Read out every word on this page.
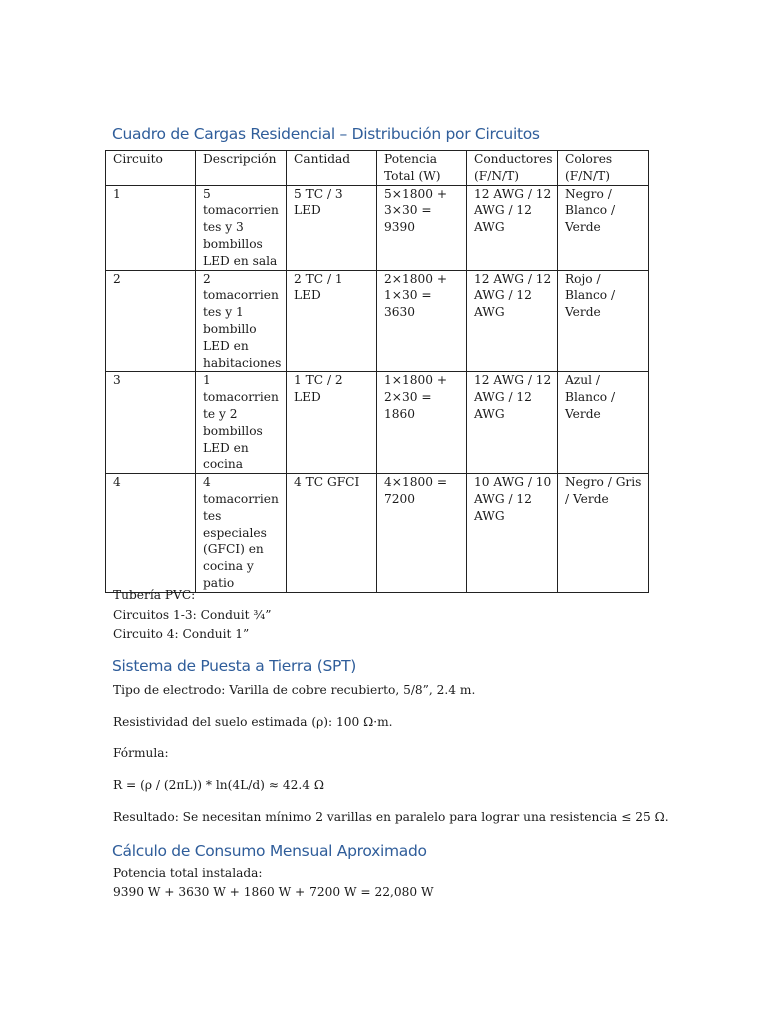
Cuadro de Cargas Residencial – Distribución por Circuitos
Circuito	Descripción	Cantidad	Potencia Total (W)	Conductores (F/N/T)	Colores (F/N/T)
1	5 tomacorrientes y 3 bombillos LED en sala	5 TC / 3 LED	5×1800 + 3×30 = 9390	12 AWG / 12 AWG / 12 AWG	Negro / Blanco / Verde
2	2 tomacorrientes y 1 bombillo LED en habitaciones	2 TC / 1 LED	2×1800 + 1×30 = 3630	12 AWG / 12 AWG / 12 AWG	Rojo / Blanco / Verde
3	1 tomacorriente y 2 bombillos LED en cocina	1 TC / 2 LED	1×1800 + 2×30 = 1860	12 AWG / 12 AWG / 12 AWG	Azul / Blanco / Verde
4	4 tomacorrientes especiales (GFCI) en cocina y patio	4 TC GFCI	4×1800 = 7200	10 AWG / 10 AWG / 12 AWG	Negro / Gris / Verde

Tubería PVC:

Circuitos 1-3: Conduit ¾”

Circuito 4: Conduit 1”

Sistema de Puesta a Tierra (SPT)

Tipo de electrodo: Varilla de cobre recubierto, 5/8”, 2.4 m.

Resistividad del suelo estimada (ρ): 100 Ω·m.

Fórmula:

R = (ρ / (2πL)) * ln(4L/d) ≈ 42.4 Ω

Resultado: Se necesitan mínimo 2 varillas en paralelo para lograr una resistencia ≤ 25 Ω.

Cálculo de Consumo Mensual Aproximado

Potencia total instalada:

9390 W + 3630 W + 1860 W + 7200 W = 22,080 W
